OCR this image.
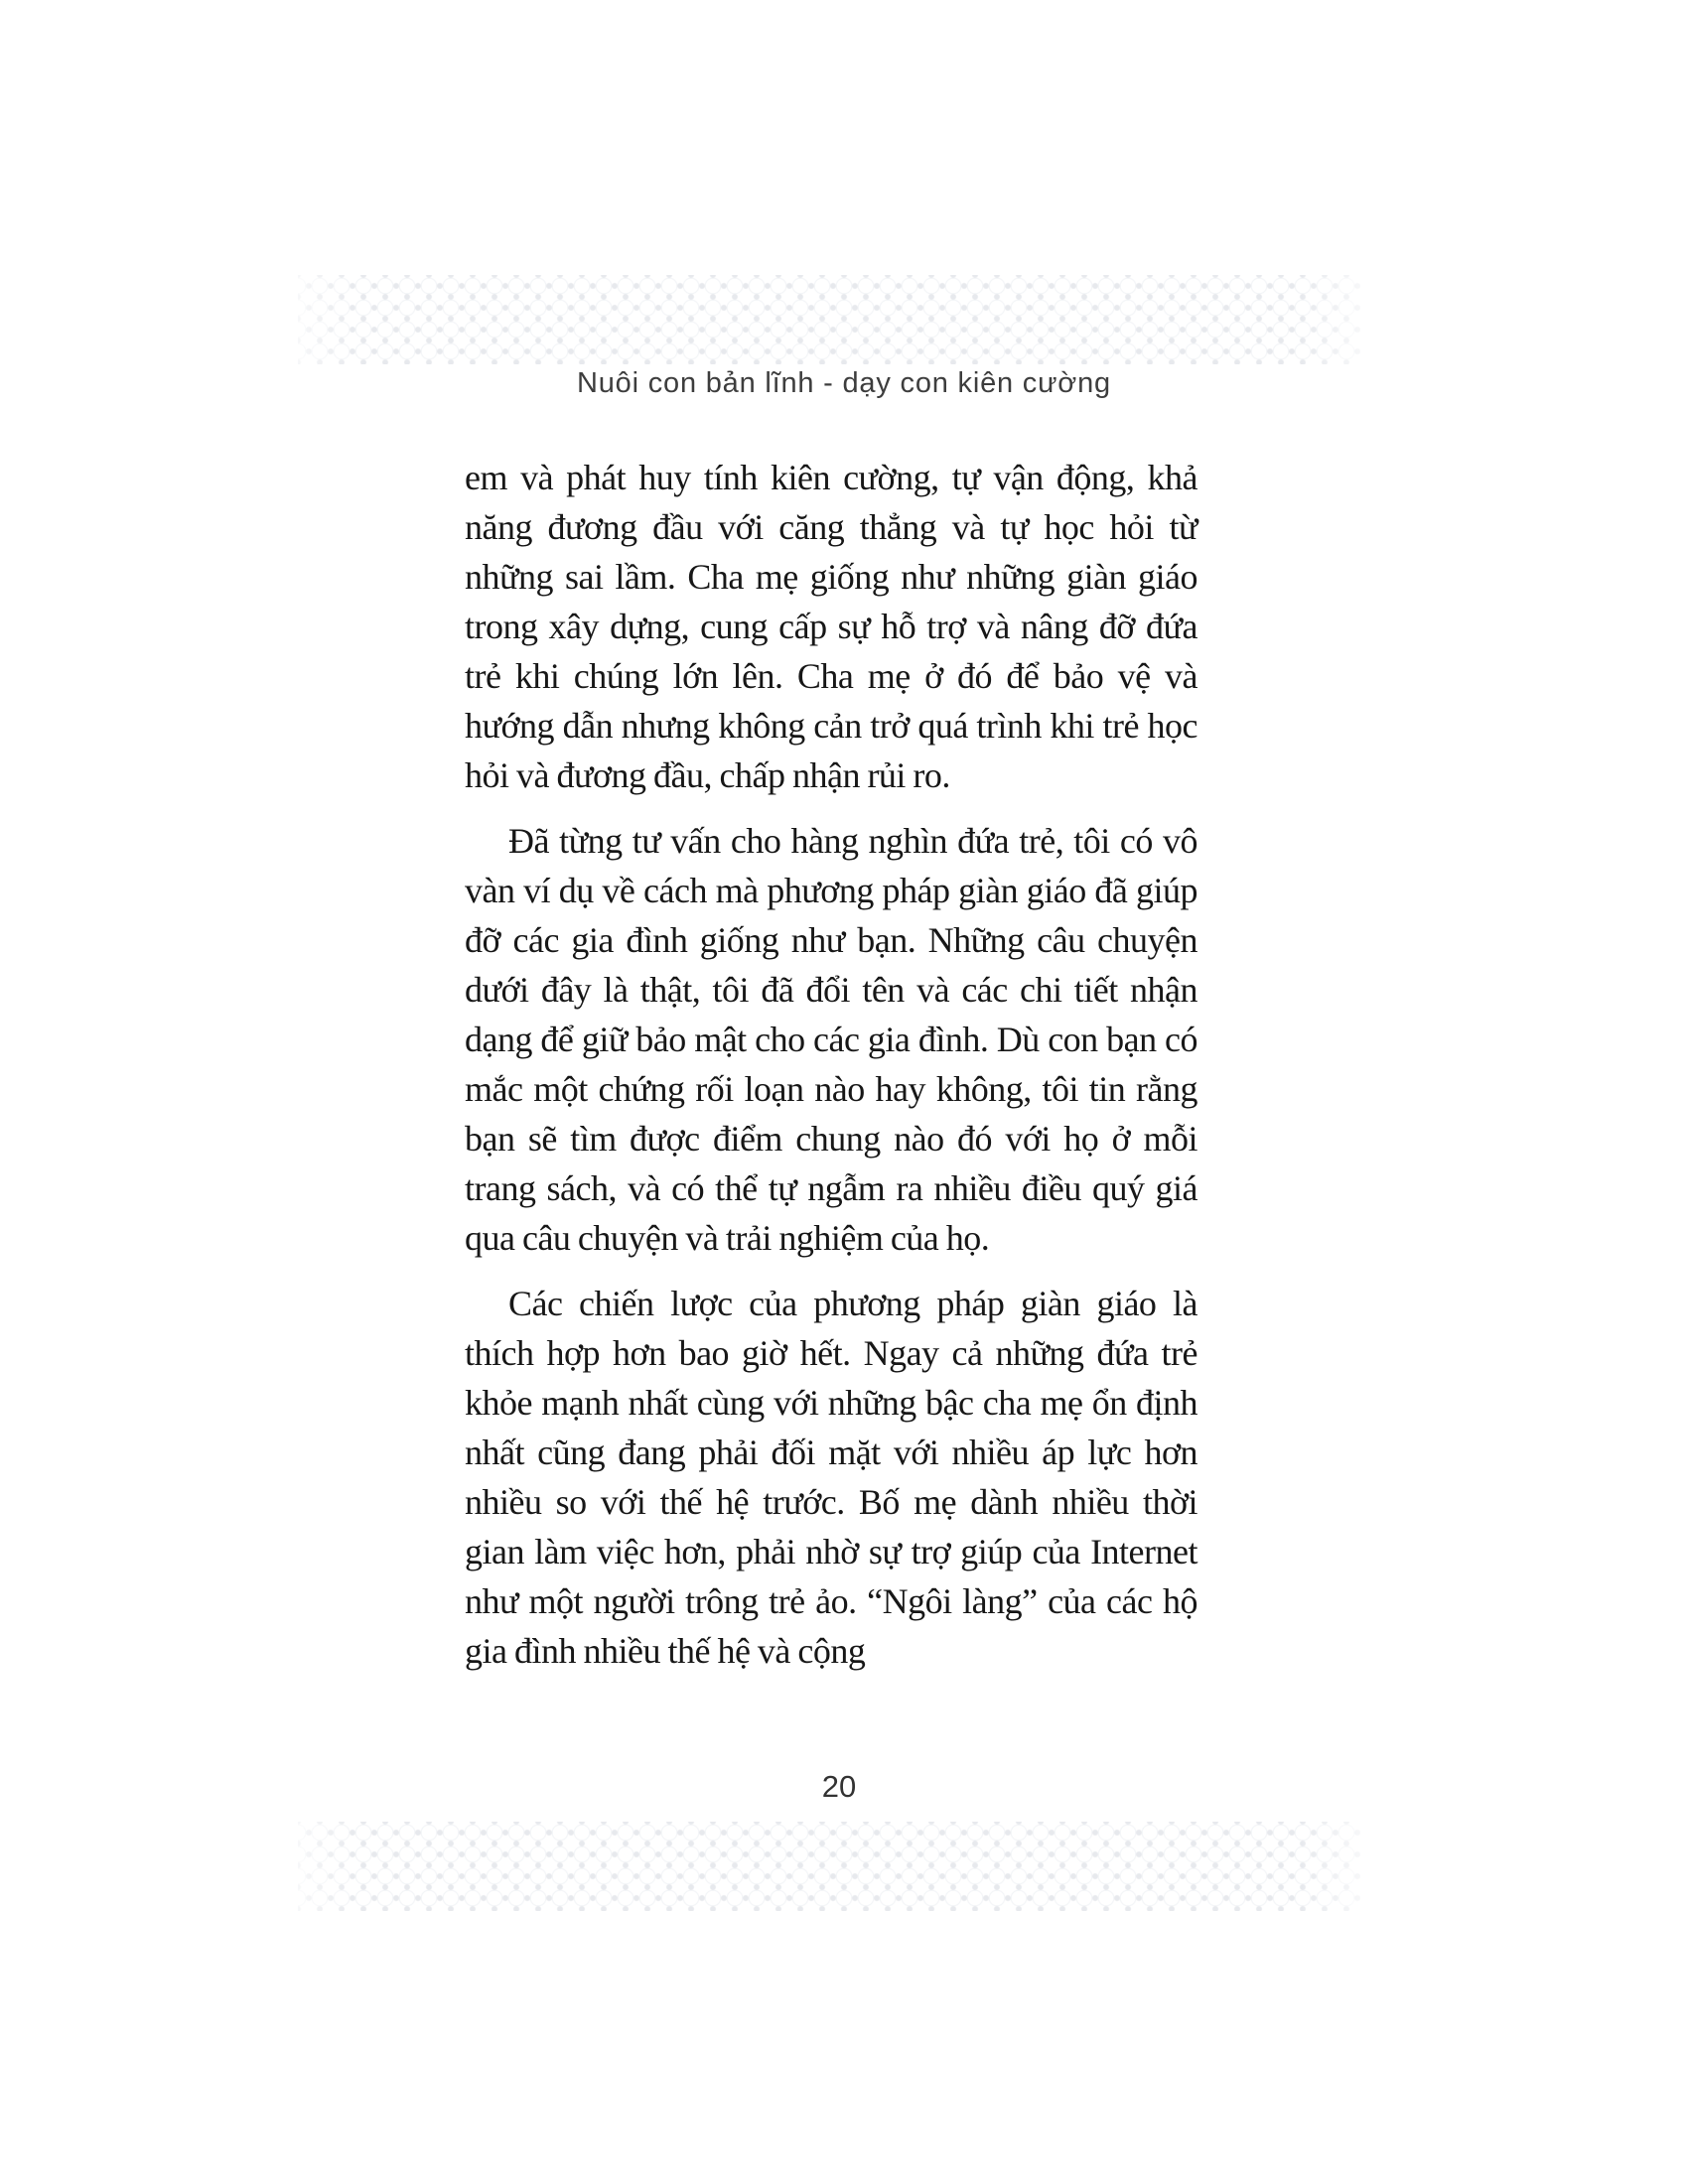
Nuôi con bản lĩnh - dạy con kiên cường

em và phát huy tính kiên cường, tự vận động, khả năng đương đầu với căng thẳng và tự học hỏi từ những sai lầm. Cha mẹ giống như những giàn giáo trong xây dựng, cung cấp sự hỗ trợ và nâng đỡ đứa trẻ khi chúng lớn lên. Cha mẹ ở đó để bảo vệ và hướng dẫn nhưng không cản trở quá trình khi trẻ học hỏi và đương đầu, chấp nhận rủi ro.

Đã từng tư vấn cho hàng nghìn đứa trẻ, tôi có vô vàn ví dụ về cách mà phương pháp giàn giáo đã giúp đỡ các gia đình giống như bạn. Những câu chuyện dưới đây là thật, tôi đã đổi tên và các chi tiết nhận dạng để giữ bảo mật cho các gia đình. Dù con bạn có mắc một chứng rối loạn nào hay không, tôi tin rằng bạn sẽ tìm được điểm chung nào đó với họ ở mỗi trang sách, và có thể tự ngẫm ra nhiều điều quý giá qua câu chuyện và trải nghiệm của họ.

Các chiến lược của phương pháp giàn giáo là thích hợp hơn bao giờ hết. Ngay cả những đứa trẻ khỏe mạnh nhất cùng với những bậc cha mẹ ổn định nhất cũng đang phải đối mặt với nhiều áp lực hơn nhiều so với thế hệ trước. Bố mẹ dành nhiều thời gian làm việc hơn, phải nhờ sự trợ giúp của Internet như một người trông trẻ ảo. “Ngôi làng” của các hộ gia đình nhiều thế hệ và cộng

20
